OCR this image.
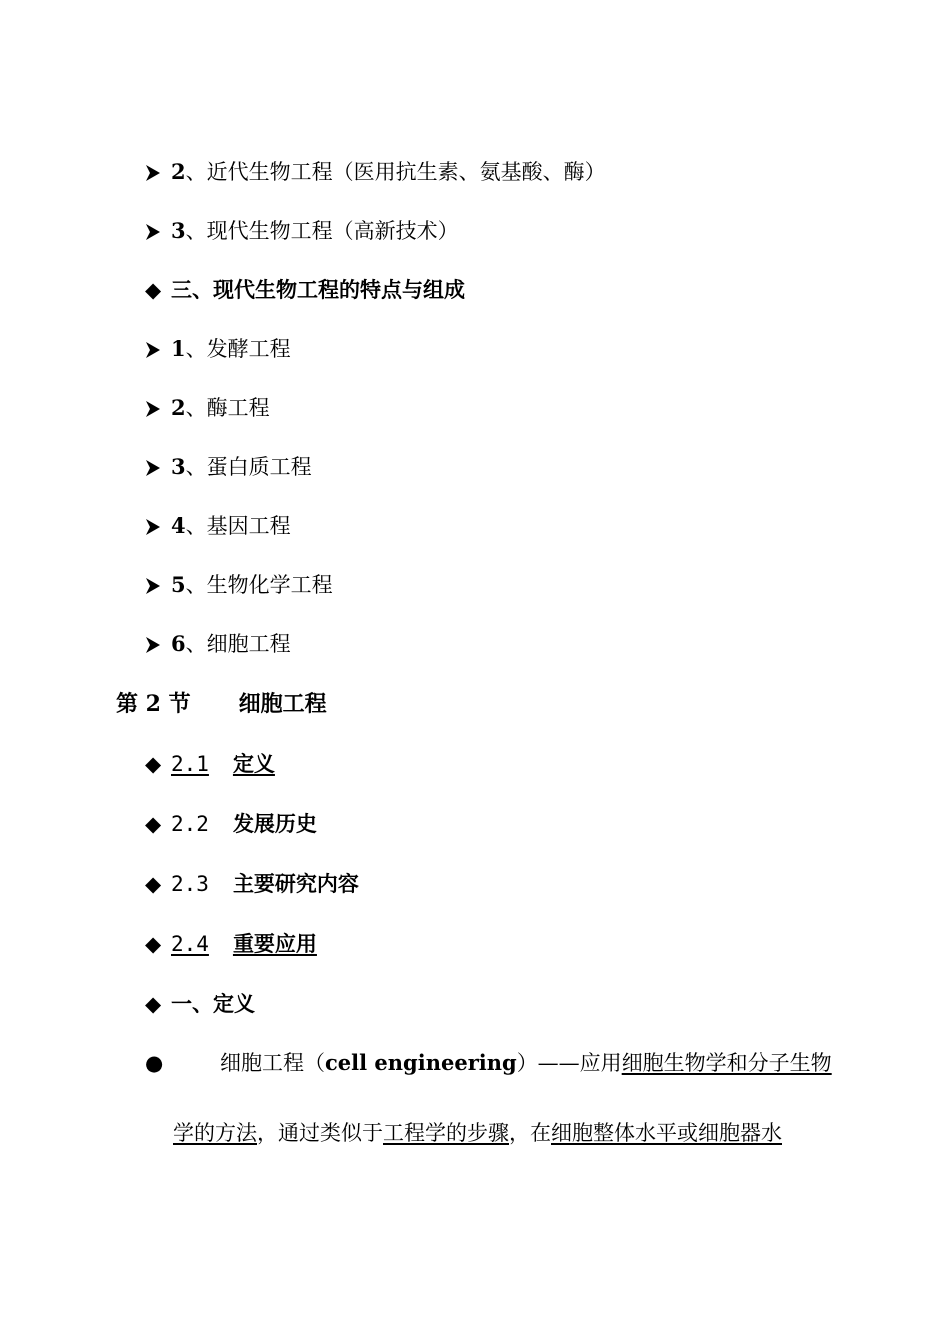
2、近代生物工程（医用抗生素、氨基酸、酶）
3、现代生物工程（高新技术）
◆ 三、现代生物工程的特点与组成
1、发酵工程
2、酶工程
3、蛋白质工程
4、基因工程
5、生物化学工程
6、细胞工程
第 2 节 细胞工程
◆ 2.1 定义
◆ 2.2 发展历史
◆ 2.3 主要研究内容
◆ 2.4 重要应用
◆ 一、定义
●	细胞工程（cell engineering）——应用细胞生物学和分子生物
学的方法，通过类似于工程学的步骤，在细胞整体水平或细胞器水
